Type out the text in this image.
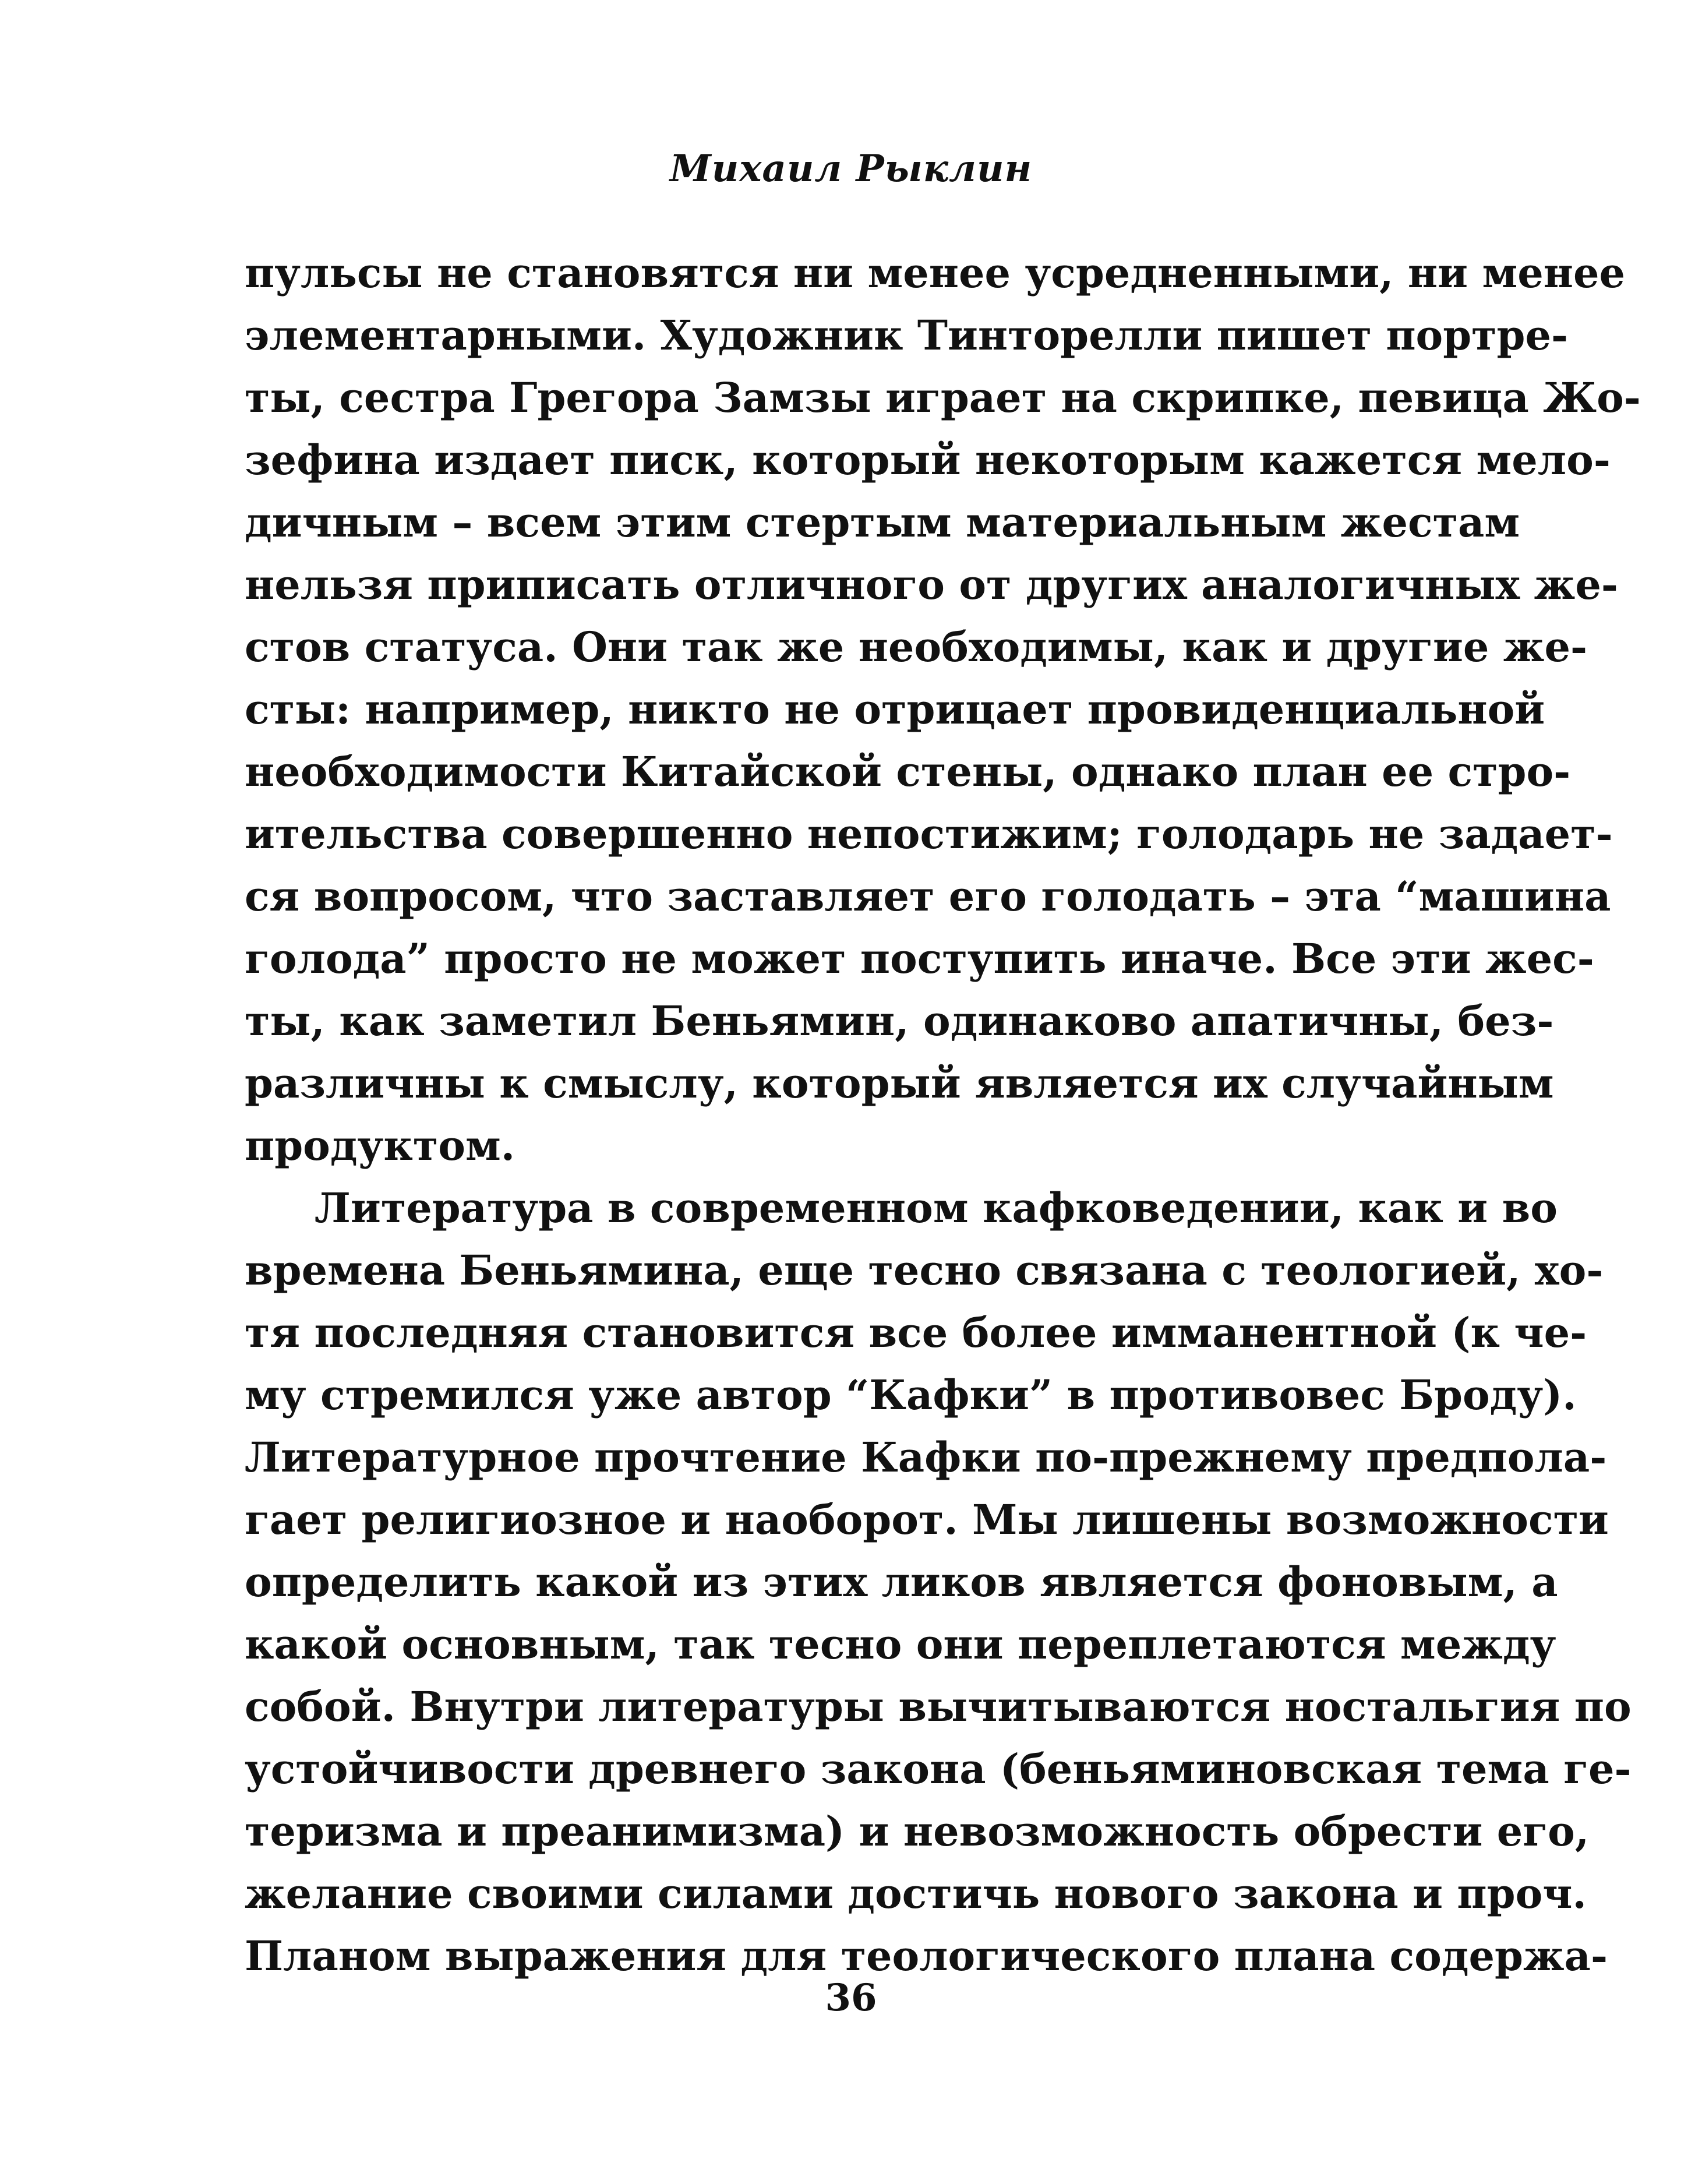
Михаил Рыклин
пульсы не становятся ни менее усредненными, ни менее
элементарными. Художник Тинторелли пишет портре-
ты, сестра Грегора Замзы играет на скрипке, певица Жо-
зефина издает писк, который некоторым кажется мело-
дичным – всем этим стертым материальным жестам
нельзя приписать отличного от других аналогичных же-
стов статуса. Они так же необходимы, как и другие же-
сты: например, никто не отрицает провиденциальной
необходимости Китайской стены, однако план ее стро-
ительства совершенно непостижим; голодарь не задает-
ся вопросом, что заставляет его голодать – эта “машина
голода” просто не может поступить иначе. Все эти жес-
ты, как заметил Беньямин, одинаково апатичны, без-
различны к смыслу, который является их случайным
продуктом.
Литература в современном кафковедении, как и во
времена Беньямина, еще тесно связана с теологией, хо-
тя последняя становится все более имманентной (к че-
му стремился уже автор “Кафки” в противовес Броду).
Литературное прочтение Кафки по-прежнему предпола-
гает религиозное и наоборот. Мы лишены возможности
определить какой из этих ликов является фоновым, а
какой основным, так тесно они переплетаются между
собой. Внутри литературы вычитываются ностальгия по
устойчивости древнего закона (беньяминовская тема ге-
теризма и преанимизма) и невозможность обрести его,
желание своими силами достичь нового закона и проч.
Планом выражения для теологического плана содержа-
36
